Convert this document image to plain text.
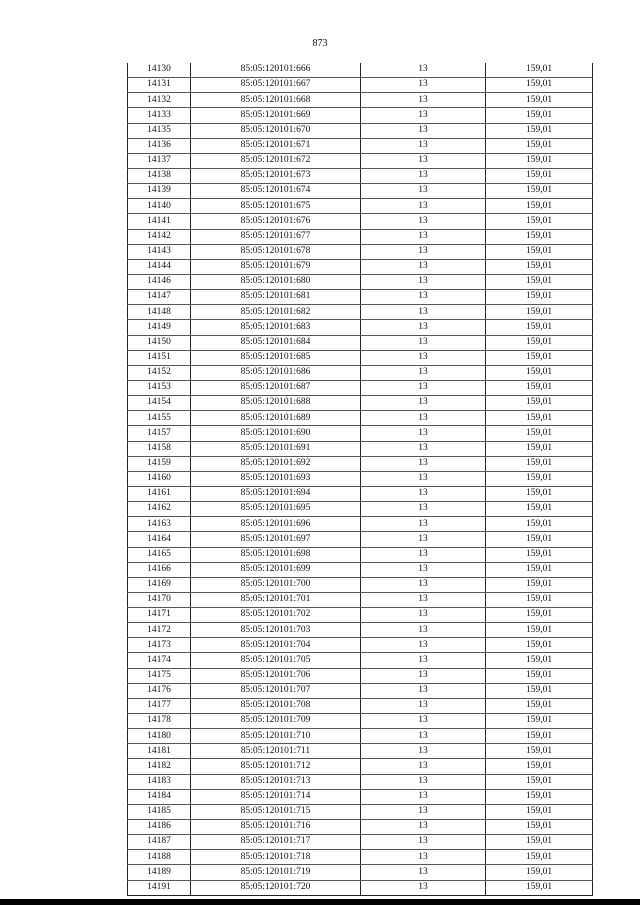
873
14130	85:05:120101:666	13	159,01
14131	85:05:120101:667	13	159,01
14132	85:05:120101:668	13	159,01
14133	85:05:120101:669	13	159,01
14135	85:05:120101:670	13	159,01
14136	85:05:120101:671	13	159,01
14137	85:05:120101:672	13	159,01
14138	85:05:120101:673	13	159,01
14139	85:05:120101:674	13	159,01
14140	85:05:120101:675	13	159,01
14141	85:05:120101:676	13	159,01
14142	85:05:120101:677	13	159,01
14143	85:05:120101:678	13	159,01
14144	85:05:120101:679	13	159,01
14146	85:05:120101:680	13	159,01
14147	85:05:120101:681	13	159,01
14148	85:05:120101:682	13	159,01
14149	85:05:120101:683	13	159,01
14150	85:05:120101:684	13	159,01
14151	85:05:120101:685	13	159,01
14152	85:05:120101:686	13	159,01
14153	85:05:120101:687	13	159,01
14154	85:05:120101:688	13	159,01
14155	85:05:120101:689	13	159,01
14157	85:05:120101:690	13	159,01
14158	85:05:120101:691	13	159,01
14159	85:05:120101:692	13	159,01
14160	85:05:120101:693	13	159,01
14161	85:05:120101:694	13	159,01
14162	85:05:120101:695	13	159,01
14163	85:05:120101:696	13	159,01
14164	85:05:120101:697	13	159,01
14165	85:05:120101:698	13	159,01
14166	85:05:120101:699	13	159,01
14169	85:05:120101:700	13	159,01
14170	85:05:120101:701	13	159,01
14171	85:05:120101:702	13	159,01
14172	85:05:120101:703	13	159,01
14173	85:05:120101:704	13	159,01
14174	85:05:120101:705	13	159,01
14175	85:05:120101:706	13	159,01
14176	85:05:120101:707	13	159,01
14177	85:05:120101:708	13	159,01
14178	85:05:120101:709	13	159,01
14180	85:05:120101:710	13	159,01
14181	85:05:120101:711	13	159,01
14182	85:05:120101:712	13	159,01
14183	85:05:120101:713	13	159,01
14184	85:05:120101:714	13	159,01
14185	85:05:120101:715	13	159,01
14186	85:05:120101:716	13	159,01
14187	85:05:120101:717	13	159,01
14188	85:05:120101:718	13	159,01
14189	85:05:120101:719	13	159,01
14191	85:05:120101:720	13	159,01
